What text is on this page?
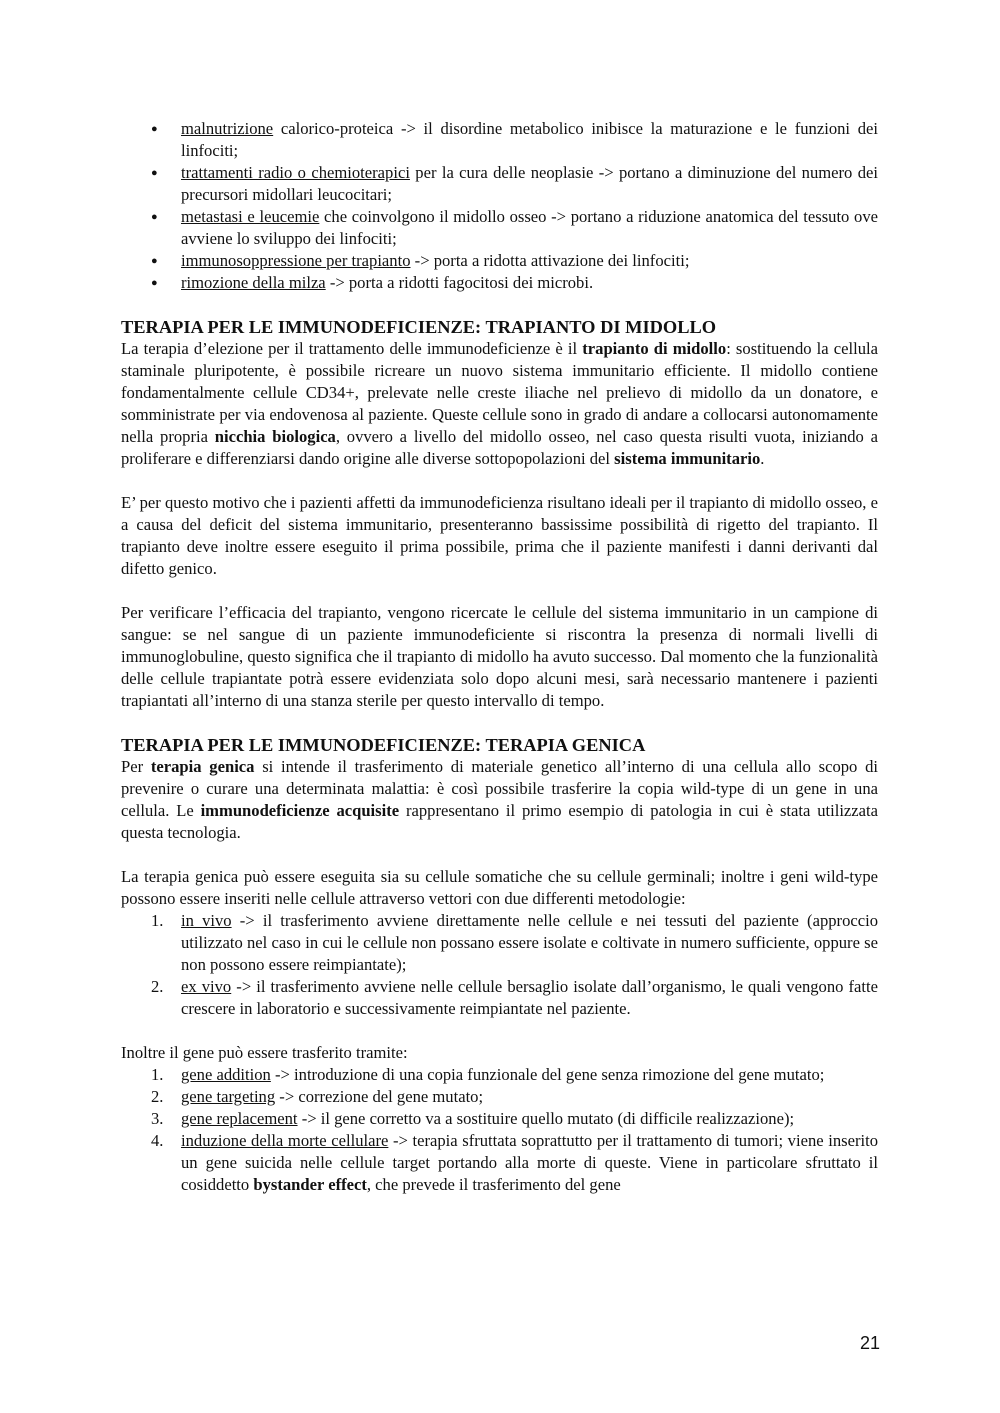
● malnutrizione calorico-proteica -> il disordine metabolico inibisce la maturazione e le funzioni dei linfociti;
● trattamenti radio o chemioterapici per la cura delle neoplasie -> portano a diminuzione del numero dei precursori midollari leucocitari;
● metastasi e leucemie che coinvolgono il midollo osseo -> portano a riduzione anatomica del tessuto ove avviene lo sviluppo dei linfociti;
● immunosoppressione per trapianto -> porta a ridotta attivazione dei linfociti;
● rimozione della milza -> porta a ridotti fagocitosi dei microbi.
TERAPIA PER LE IMMUNODEFICIENZE: TRAPIANTO DI MIDOLLO

La terapia d’elezione per il trattamento delle immunodeficienze è il trapianto di midollo: sostituendo la cellula staminale pluripotente, è possibile ricreare un nuovo sistema immunitario efficiente. Il midollo contiene fondamentalmente cellule CD34+, prelevate nelle creste iliache nel prelievo di midollo da un donatore, e somministrate per via endovenosa al paziente. Queste cellule sono in grado di andare a collocarsi autonomamente nella propria nicchia biologica, ovvero a livello del midollo osseo, nel caso questa risulti vuota, iniziando a proliferare e differenziarsi dando origine alle diverse sottopopolazioni del sistema immunitario.

E’ per questo motivo che i pazienti affetti da immunodeficienza risultano ideali per il trapianto di midollo osseo, e a causa del deficit del sistema immunitario, presenteranno bassissime possibilità di rigetto del trapianto. Il trapianto deve inoltre essere eseguito il prima possibile, prima che il paziente manifesti i danni derivanti dal difetto genico.

Per verificare l’efficacia del trapianto, vengono ricercate le cellule del sistema immunitario in un campione di sangue: se nel sangue di un paziente immunodeficiente si riscontra la presenza di normali livelli di immunoglobuline, questo significa che il trapianto di midollo ha avuto successo. Dal momento che la funzionalità delle cellule trapiantate potrà essere evidenziata solo dopo alcuni mesi, sarà necessario mantenere i pazienti trapiantati all’interno di una stanza sterile per questo intervallo di tempo.

TERAPIA PER LE IMMUNODEFICIENZE: TERAPIA GENICA

Per terapia genica si intende il trasferimento di materiale genetico all’interno di una cellula allo scopo di prevenire o curare una determinata malattia: è così possibile trasferire la copia wild-type di un gene in una cellula. Le immunodeficienze acquisite rappresentano il primo esempio di patologia in cui è stata utilizzata questa tecnologia.

La terapia genica può essere eseguita sia su cellule somatiche che su cellule germinali; inoltre i geni wild-type possono essere inseriti nelle cellule attraverso vettori con due differenti metodologie:

1. in vivo -> il trasferimento avviene direttamente nelle cellule e nei tessuti del paziente (approccio utilizzato nel caso in cui le cellule non possano essere isolate e coltivate in numero sufficiente, oppure se non possono essere reimpiantate);
2. ex vivo -> il trasferimento avviene nelle cellule bersaglio isolate dall’organismo, le quali vengono fatte crescere in laboratorio e successivamente reimpiantate nel paziente.

Inoltre il gene può essere trasferito tramite:

1. gene addition -> introduzione di una copia funzionale del gene senza rimozione del gene mutato;
2. gene targeting -> correzione del gene mutato;
3. gene replacement -> il gene corretto va a sostituire quello mutato (di difficile realizzazione);
4. induzione della morte cellulare -> terapia sfruttata soprattutto per il trattamento di tumori; viene inserito un gene suicida nelle cellule target portando alla morte di queste. Viene in particolare sfruttato il cosiddetto bystander effect, che prevede il trasferimento del gene
21
